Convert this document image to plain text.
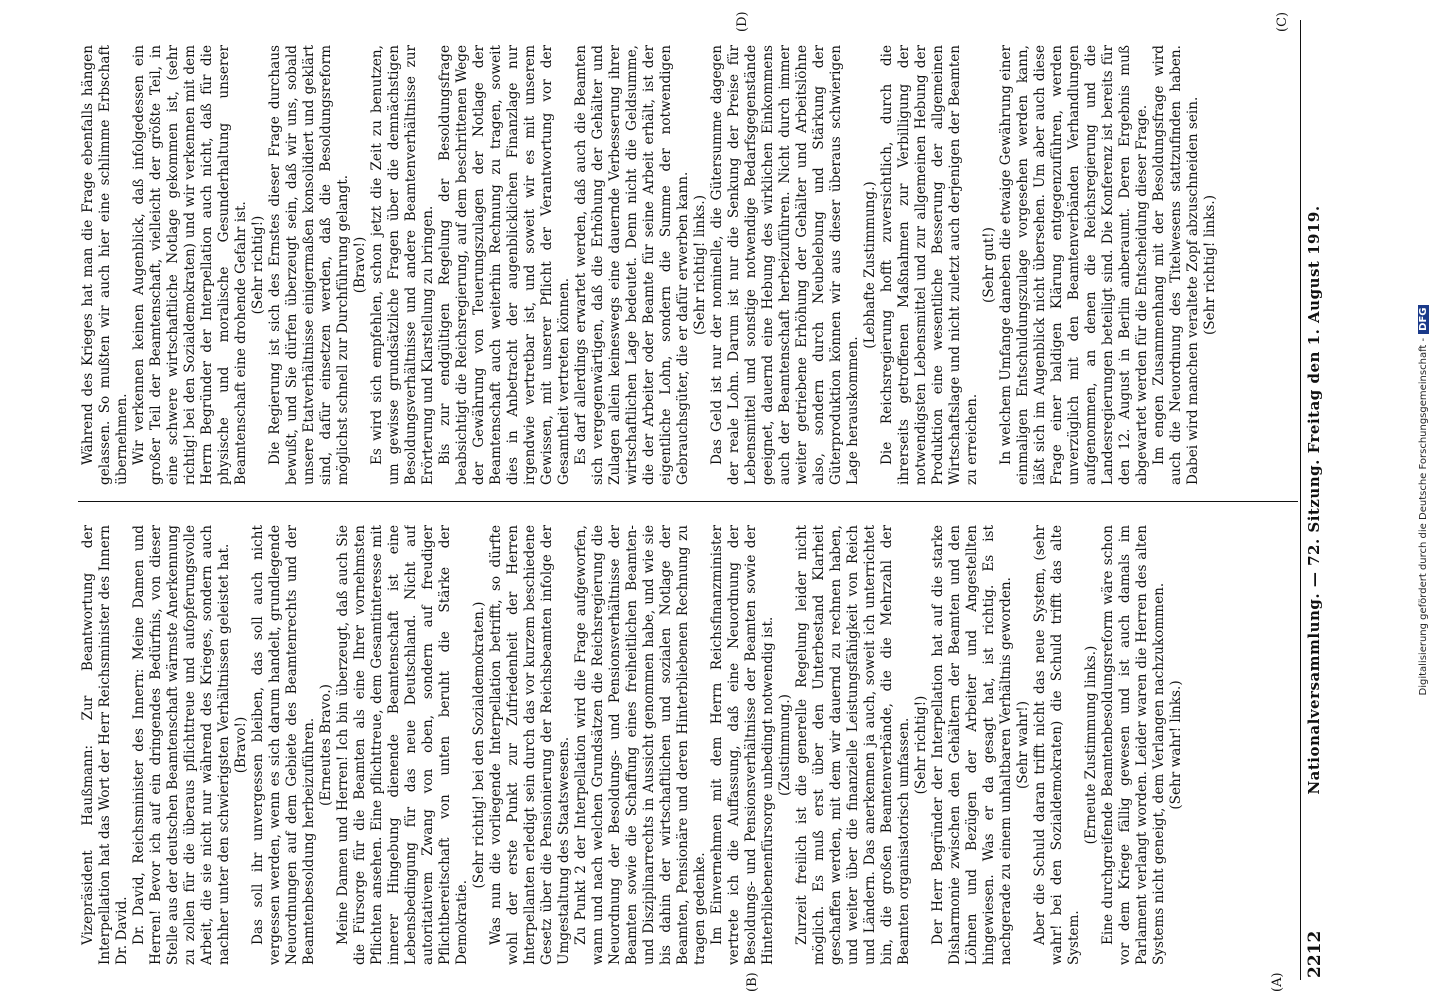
2212
Nationalversammlung. — 72. Sitzung. Freitag den 1. August 1919.
(A)
(B)
(C)
(D)

Vizepräsident Haußmann: Zur Beantwortung der Interpellation hat das Wort der Herr Reichsminister des Innern Dr. David. Dr. David, Reichsminister des Innern: Meine Damen und Herren! Bevor ich auf ein dringendes Bedürfnis, von dieser Stelle aus der deutschen Beamtenschaft wärmste Anerkennung zu zollen für die überaus pflichttreue und aufopferungsvolle Arbeit, die sie nicht nur während des Krieges, sondern auch nachher unter den schwierigsten Verhältnissen geleistet hat. (Bravo!) Das soll ihr unvergessen bleiben, das soll auch nicht vergessen werden, wenn es sich darum handelt, grundlegende Neuordnungen auf dem Gebiete des Beamtenrechts und der Beamtenbesoldung herbeizuführen. (Erneutes Bravo.) Meine Damen und Herren! Ich bin überzeugt, daß auch Sie die Fürsorge für die Beamten als eine Ihrer vornehmsten Pflichten ansehen. Eine pflichttreue, dem Gesamtinteresse mit innerer Hingebung dienende Beamtenschaft ist eine Lebensbedingung für das neue Deutschland. Nicht auf autoritativem Zwang von oben, sondern auf freudiger Pflichtbereitschaft von unten beruht die Stärke der Demokratie.

(Sehr richtig! bei den Sozialdemokraten.) Was nun die vorliegende Interpellation betrifft, so dürfte wohl der erste Punkt zur Zufriedenheit der Herren Interpellanten erledigt sein durch das vor kurzem beschiedene Gesetz über die Pensionierung der Reichsbeamten infolge der Umgestaltung des Staatswesens. Zu Punkt 2 der Interpellation wird die Frage aufgeworfen, wann und nach welchen Grundsätzen die Reichsregierung die Neuordnung der Besoldungs- und Pensionsverhältnisse der Beamten sowie die Schaffung eines freiheitlichen Beamten- und Disziplinarrechts in Aussicht genommen habe, und wie sie bis dahin der wirtschaftlichen und sozialen Notlage der Beamten, Pensionäre und deren Hinterbliebenen Rechnung zu tragen gedenke. Im Einvernehmen mit dem Herrn Reichsfinanzminister vertrete ich die Auffassung, daß eine Neuordnung der Besoldungs- und Pensionsverhältnisse der Beamten sowie der Hinterbliebenenfürsorge unbedingt notwendig ist. (Zustimmung.) Zurzeit freilich ist die generelle Regelung leider nicht möglich. Es muß erst über den Unterbestand Klarheit geschaffen werden, mit dem wir dauernd zu rechnen haben, und weiter über die finanzielle Leistungsfähigkeit von Reich und Ländern. Das anerkennen ja auch, soweit ich unterrichtet bin, die großen Beamtenverbände, die die Mehrzahl der Beamten organisatorisch umfassen. (Sehr richtig!) Der Herr Begründer der Interpellation hat auf die starke Disharmonie zwischen den Gehältern der Beamten und den Löhnen und Bezügen der Arbeiter und Angestellten hingewiesen. Was er da gesagt hat, ist richtig. Es ist nachgerade zu einem unhaltbaren Verhältnis geworden. (Sehr wahr!) Aber die Schuld daran trifft nicht das neue System, (sehr wahr! bei den Sozialdemokraten) die Schuld trifft das alte System.

(Erneute Zustimmung links.) Eine durchgreifende Beamtenbesoldungsreform wäre schon vor dem Kriege fällig gewesen und ist auch damals im Parlament verlangt worden. Leider waren die Herren des alten Systems nicht geneigt, dem Verlangen nachzukommen. (Sehr wahr! links.)

Während des Krieges hat man die Frage ebenfalls hängen gelassen. So mußten wir auch hier eine schlimme Erbschaft übernehmen. Wir verkennen keinen Augenblick, daß infolgedessen ein großer Teil der Beamtenschaft, vielleicht der größte Teil, in eine schwere wirtschaftliche Notlage gekommen ist, (sehr richtig! bei den Sozialdemokraten) und wir verkennen mit dem Herrn Begründer der Interpellation auch nicht, daß für die physische und moralische Gesunderhaltung unserer Beamtenschaft eine drohende Gefahr ist. (Sehr richtig!) Die Regierung ist sich des Ernstes dieser Frage durchaus bewußt, und Sie dürfen überzeugt sein, daß wir uns, sobald unsere Etatverhältnisse einigermaßen konsolidiert und geklärt sind, dafür einsetzen werden, daß die Besoldungsreform möglichst schnell zur Durchführung gelangt. (Bravo!) Es wird sich empfehlen, schon jetzt die Zeit zu benutzen, um gewisse grundsätzliche Fragen über die demnächstigen Besoldungsverhältnisse und andere Beamtenverhältnisse zur Erörterung und Klarstellung zu bringen. Bis zur endgültigen Regelung der Besoldungsfrage beabsichtigt die Reichsregierung, auf dem beschrittenen Wege der Gewährung von Teuerungszulagen der Notlage der Beamtenschaft auch weiterhin Rechnung zu tragen, soweit dies in Anbetracht der augenblicklichen Finanzlage nur irgendwie vertretbar ist, und soweit wir es mit unserem Gewissen, mit unserer Pflicht der Verantwortung vor der Gesamtheit vertreten können. Es darf allerdings erwartet werden, daß auch die Beamten sich vergegenwärtigen, daß die Erhöhung der Gehälter und Zulagen allein keineswegs eine dauernde Verbesserung ihrer wirtschaftlichen Lage bedeutet. Denn nicht die Geldsumme, die der Arbeiter oder Beamte für seine Arbeit erhält, ist der eigentliche Lohn, sondern die Summe der notwendigen Gebrauchsgüter, die er dafür erwerben kann. (Sehr richtig! links.) Das Geld ist nur der nominelle, die Gütersumme dagegen der reale Lohn. Darum ist nur die Senkung der Preise für Lebensmittel und sonstige notwendige Bedarfsgegenstände geeignet, dauernd eine Hebung des wirklichen Einkommens auch der Beamtenschaft herbeizuführen. Nicht durch immer weiter getriebene Erhöhung der Gehälter und Arbeitslöhne also, sondern durch Neubelebung und Stärkung der Güterproduktion können wir aus dieser überaus schwierigen Lage herauskommen.

(Lebhafte Zustimmung.) Die Reichsregierung hofft zuversichtlich, durch die ihrerseits getroffenen Maßnahmen zur Verbilligung der notwendigsten Lebensmittel und zur allgemeinen Hebung der Produktion eine wesentliche Besserung der allgemeinen Wirtschaftslage und nicht zuletzt auch derjenigen der Beamten zu erreichen.

(Sehr gut!) In welchem Umfange daneben die etwaige Gewährung einer einmaligen Entschuldungszulage vorgesehen werden kann, läßt sich im Augenblick nicht übersehen. Um aber auch diese Frage einer baldigen Klärung entgegenzuführen, werden unverzüglich mit den Beamtenverbänden Verhandlungen aufgenommen, an denen die Reichsregierung und die Landesregierungen beteiligt sind. Die Konferenz ist bereits für den 12. August in Berlin anberaumt. Deren Ergebnis muß abgewartet werden für die Entscheidung dieser Frage. Im engen Zusammenhang mit der Besoldungsfrage wird auch die Neuordnung des Titelwesens stattzufinden haben. Dabei wird manchen veraltete Zopf abzuschneiden sein. (Sehr richtig! links.)

Digitalisierung gefördert durch die Deutsche Forschungsgemeinschaft -DFG
